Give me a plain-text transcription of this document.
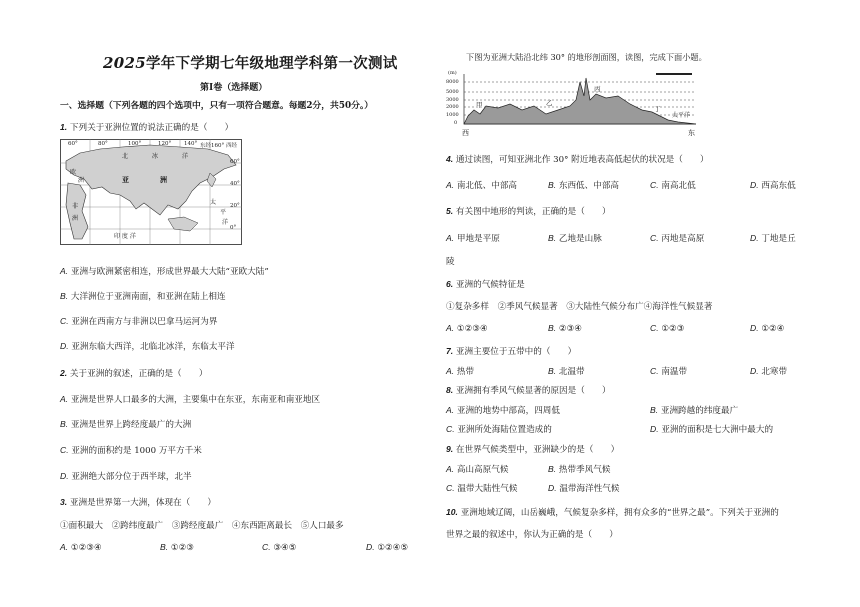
2025学年下学期七年级地理学科第一次测试
第Ⅰ卷（选择题）
一、选择题（下列各题的四个选项中，只有一项符合题意。每题2分，共50分。）
1. 下列关于亚洲位置的说法正确的是（　　）
60°	80°	100°	120° 140° 东经160° 西经
60°
40°
20°
0°
北	冰	洋
亚	洲
太
平
洋
印 度 洋
非
洲
欧
洲
A. 亚洲与欧洲紧密相连，形成世界最大大陆“亚欧大陆”
B. 大洋洲位于亚洲南面，和亚洲在陆上相连
C. 亚洲在西南方与非洲以巴拿马运河为界
D. 亚洲东临大西洋，北临北冰洋，东临太平洋
2. 关于亚洲的叙述，正确的是（　　）
A. 亚洲是世界人口最多的大洲，主要集中在东亚，东南亚和南亚地区
B. 亚洲是世界上跨经度最广的大洲
C. 亚洲的面积约是 1000 万平方千米
D. 亚洲绝大部分位于西半球，北半
3. 亚洲是世界第一大洲，体现在（　　）
①面积最大　②跨纬度最广　③跨经度最广　④东西距离最长　⑤人口最多
A. ①②③④	B. ①②③	C. ③④⑤	D. ①②④⑤
下图为亚洲大陆沿北纬 30° 的地形剖面图，读图，完成下面小题。
(m)
8000
5000
3000
2000
1000
0
甲	乙
丙
丁
太平洋
西	东
4. 通过读图，可知亚洲北作 30° 附近地表高低起伏的状况是（　　）
A. 南北低、中部高	B. 东西低、中部高	C. 南高北低	D. 西高东低
5. 有关图中地形的判读，正确的是（　　）
A. 甲地是平原	B. 乙地是山脉	C. 丙地是高原	D. 丁地是丘
陵
6. 亚洲的气候特征是
①复杂多样　②季风气候显著　③大陆性气候分布广④海洋性气候显著
A. ①②③④	B. ②③④	C. ①②③	D. ①②④
7. 亚洲主要位于五带中的（　　）
A. 热带	B. 北温带	C. 南温带	D. 北寒带
8. 亚洲拥有季风气候显著的原因是（　　）
A. 亚洲的地势中部高，四周低	B. 亚洲跨越的纬度最广
C. 亚洲所处海陆位置造成的	D. 亚洲的面积是七大洲中最大的
9. 在世界气候类型中，亚洲缺少的是（　　）
A. 高山高原气候	B. 热带季风气候
C. 温带大陆性气候	D. 温带海洋性气候
10. 亚洲地域辽阔，山岳巍峨，气候复杂多样，拥有众多的“世界之最”。下列关于亚洲的
世界之最的叙述中，你认为正确的是（　　）
